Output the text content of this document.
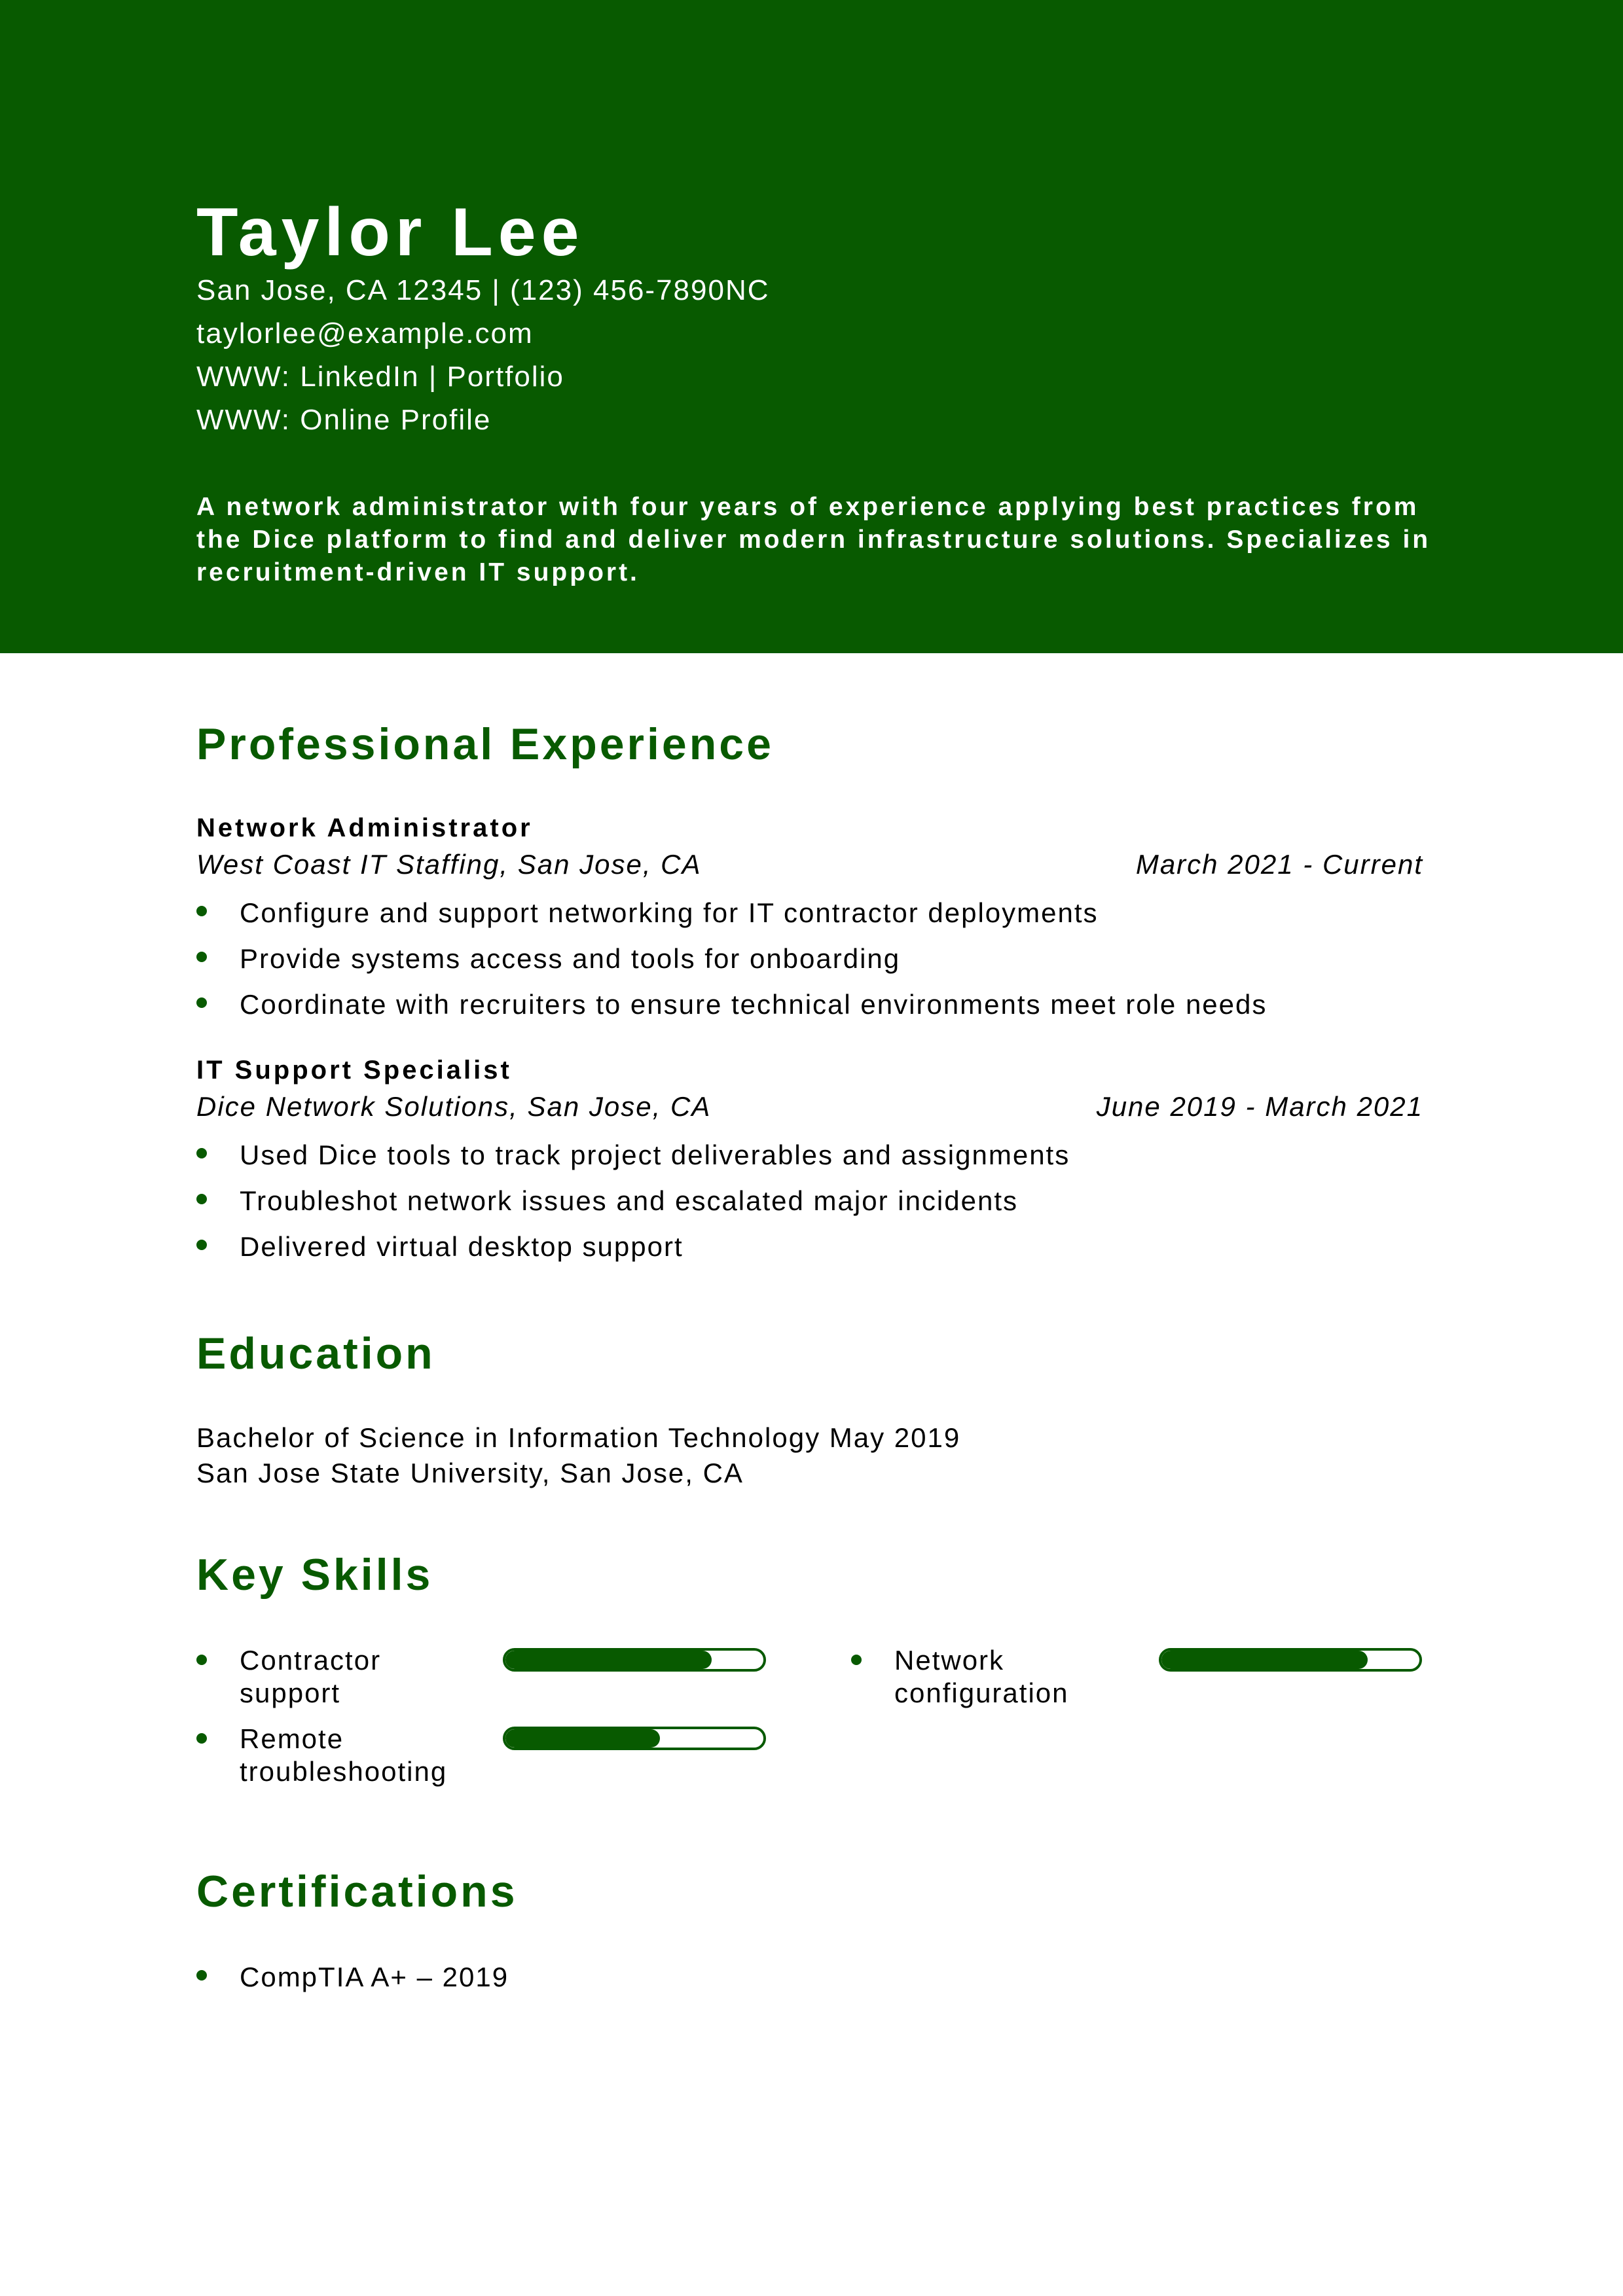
Taylor Lee
San Jose, CA 12345 | (123) 456-7890NC
taylorlee@example.com
WWW: LinkedIn | Portfolio
WWW: Online Profile

A network administrator with four years of experience applying best practices from the Dice platform to find and deliver modern infrastructure solutions. Specializes in recruitment-driven IT support.

Professional Experience
Network Administrator
West Coast IT Staffing, San Jose, CA	March 2021 - Current
Configure and support networking for IT contractor deployments
Provide systems access and tools for onboarding
Coordinate with recruiters to ensure technical environments meet role needs
IT Support Specialist
Dice Network Solutions, San Jose, CA	June 2019 - March 2021
Used Dice tools to track project deliverables and assignments
Troubleshot network issues and escalated major incidents
Delivered virtual desktop support
Education
Bachelor of Science in Information Technology May 2019
San Jose State University, San Jose, CA
Key Skills
Contractor support
Network configuration
Remote troubleshooting
Certifications
CompTIA A+ – 2019
